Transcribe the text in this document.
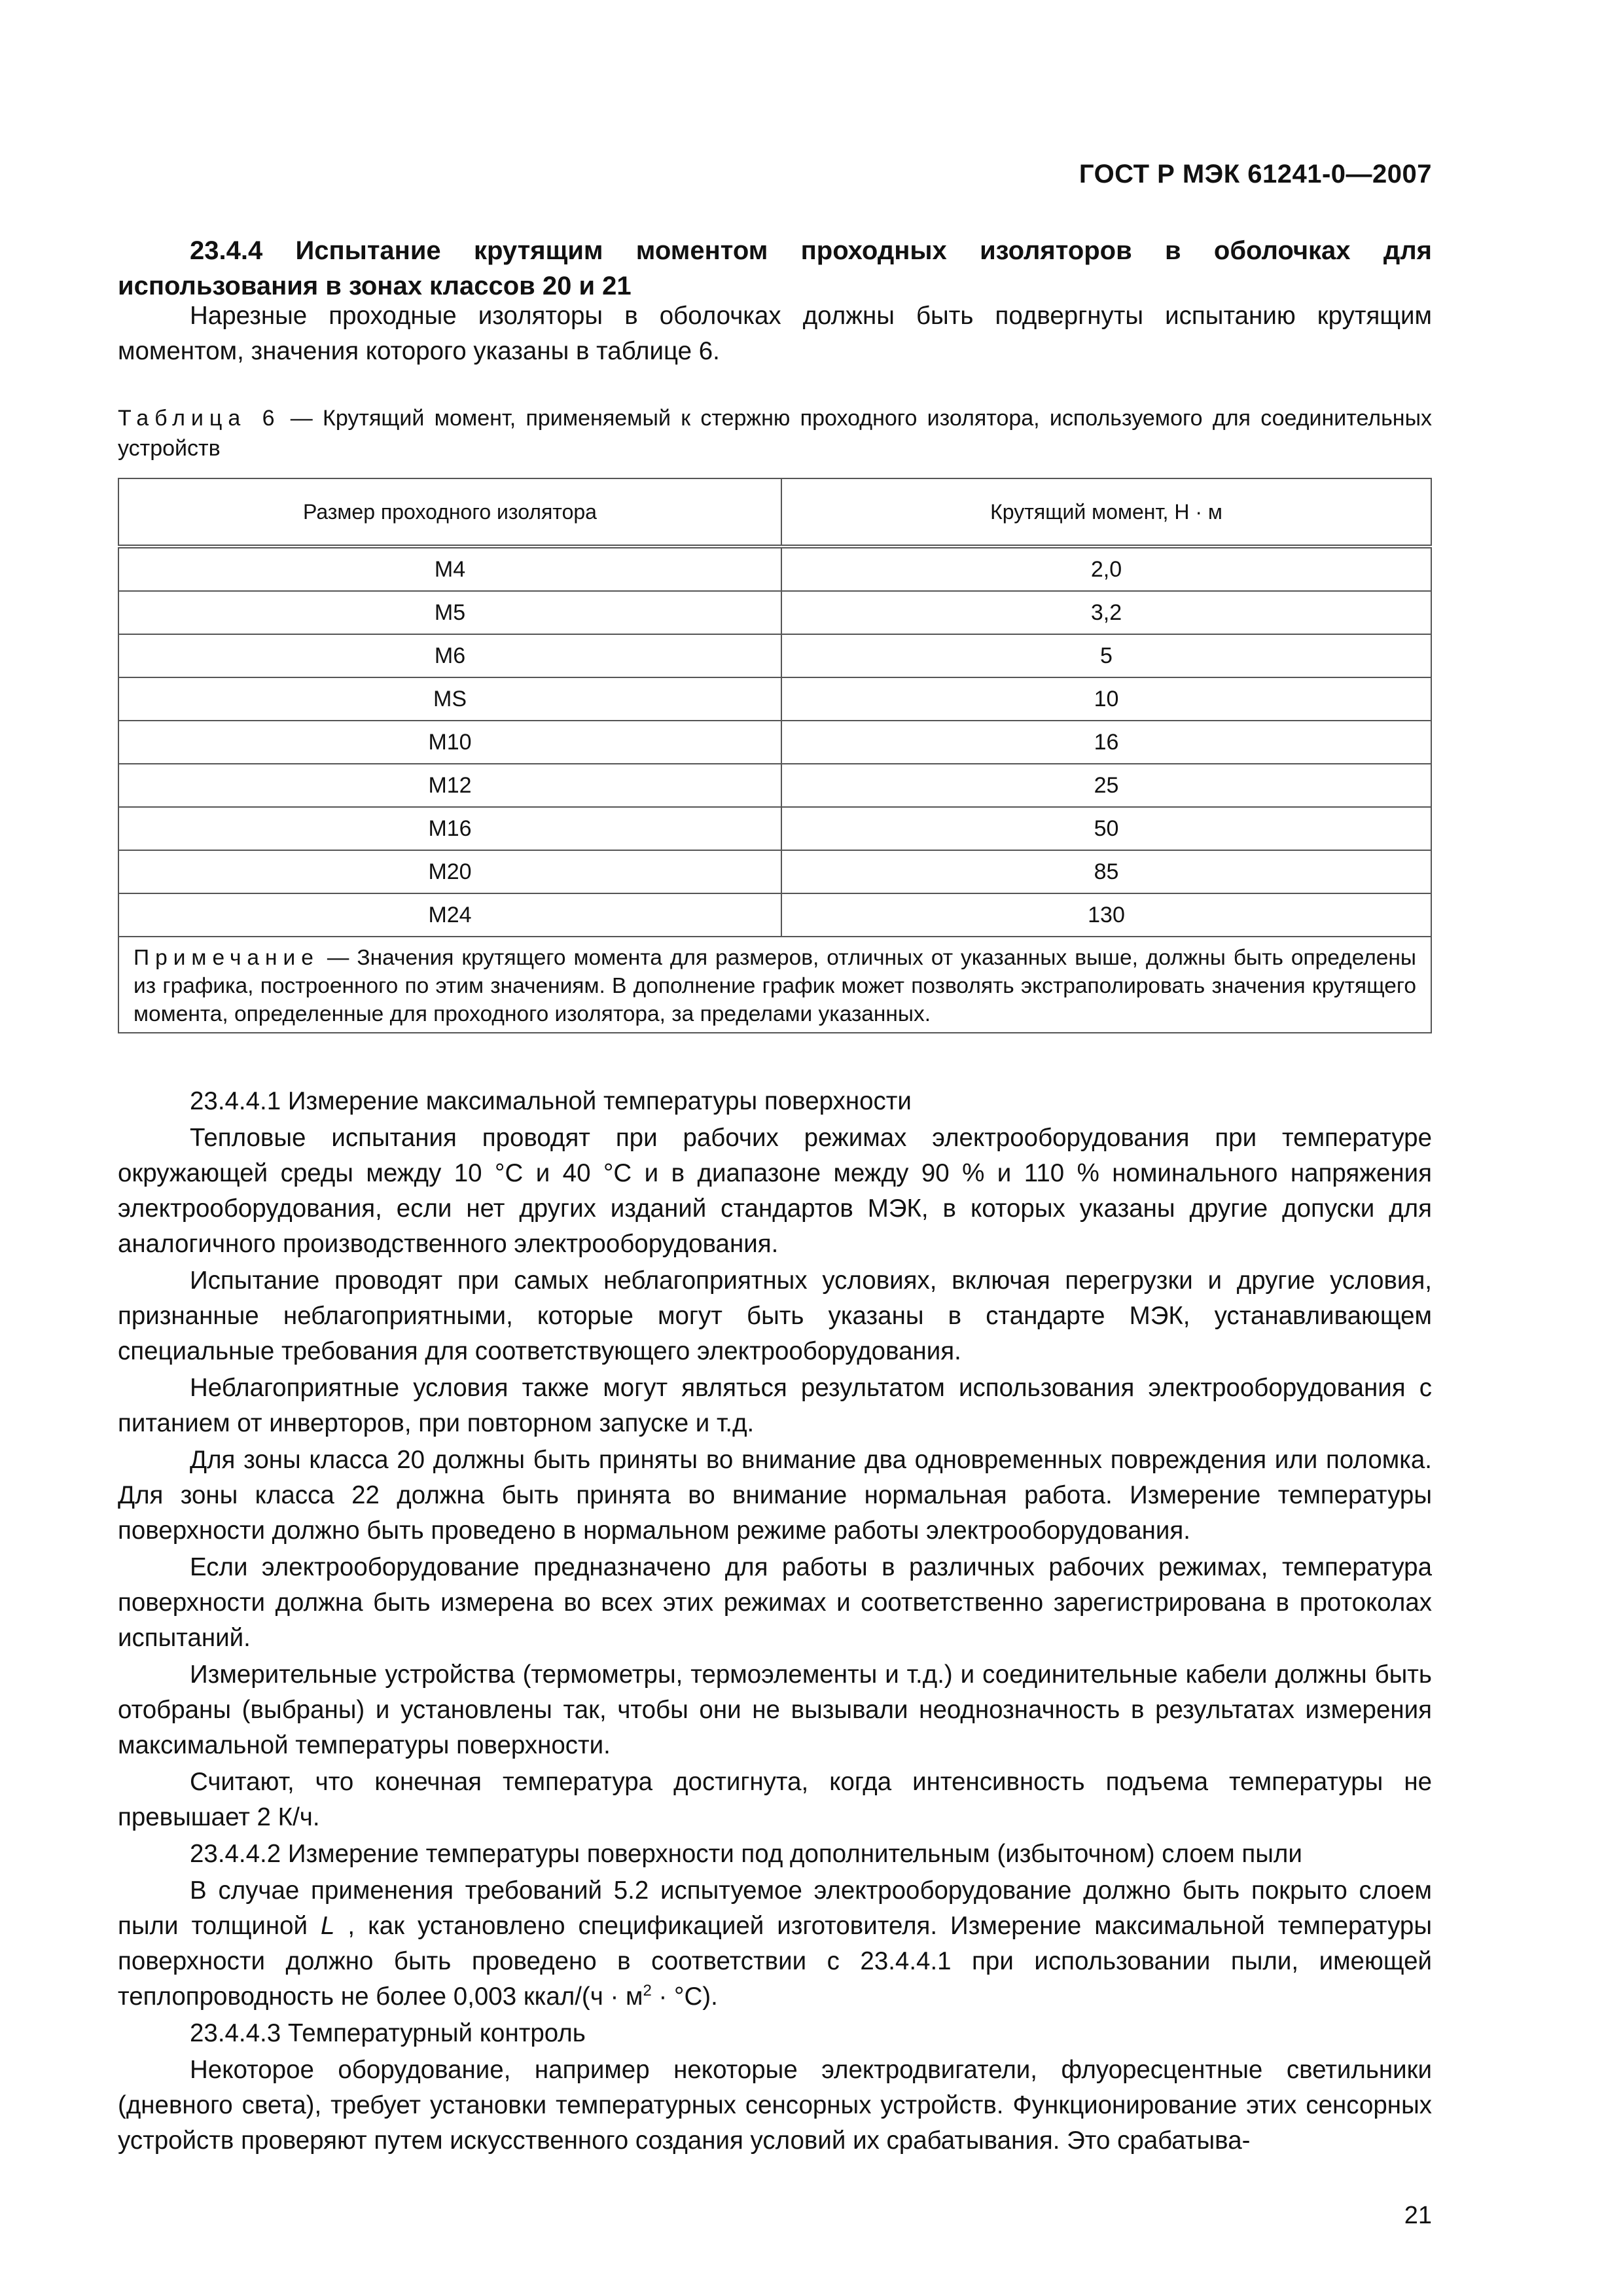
ГОСТ Р МЭК 61241-0—2007
23.4.4 Испытание крутящим моментом проходных изоляторов в оболочках для использования в зонах классов 20 и 21

Нарезные проходные изоляторы в оболочках должны быть подвергнуты испытанию крутящим моментом, значения которого указаны в таблице 6.

Таблица 6 — Крутящий момент, применяемый к стержню проходного изолятора, используемого для соединительных устройств
Размер проходного изолятора	Крутящий момент, Н · м
M4	2,0
M5	3,2
M6	5
MS	10
M10	16
M12	25
M16	50
M20	85
M24	130
Примечание — Значения крутящего момента для размеров, отличных от указанных выше, должны быть определены из графика, построенного по этим значениям. В дополнение график может позволять экстраполировать значения крутящего момента, определенные для проходного изолятора, за пределами указанных.	

23.4.4.1 Измерение максимальной температуры поверхности

Тепловые испытания проводят при рабочих режимах электрооборудования при температуре окружающей среды между 10 °С и 40 °С и в диапазоне между 90 % и 110 % номинального напряжения электрооборудования, если нет других изданий стандартов МЭК, в которых указаны другие допуски для аналогичного производственного электрооборудования.

Испытание проводят при самых неблагоприятных условиях, включая перегрузки и другие условия, признанные неблагоприятными, которые могут быть указаны в стандарте МЭК, устанавливающем специальные требования для соответствующего электрооборудования.

Неблагоприятные условия также могут являться результатом использования электрооборудования с питанием от инверторов, при повторном запуске и т.д.

Для зоны класса 20 должны быть приняты во внимание два одновременных повреждения или поломка. Для зоны класса 22 должна быть принята во внимание нормальная работа. Измерение температуры поверхности должно быть проведено в нормальном режиме работы электрооборудования.

Если электрооборудование предназначено для работы в различных рабочих режимах, температура поверхности должна быть измерена во всех этих режимах и соответственно зарегистрирована в протоколах испытаний.

Измерительные устройства (термометры, термоэлементы и т.д.) и соединительные кабели должны быть отобраны (выбраны) и установлены так, чтобы они не вызывали неоднозначность в результатах измерения максимальной температуры поверхности.

Считают, что конечная температура достигнута, когда интенсивность подъема температуры не превышает 2 К/ч.

23.4.4.2 Измерение температуры поверхности под дополнительным (избыточном) слоем пыли

В случае применения требований 5.2 испытуемое электрооборудование должно быть покрыто слоем пыли толщиной L , как установлено спецификацией изготовителя. Измерение максимальной температуры поверхности должно быть проведено в соответствии с 23.4.4.1 при использовании пыли, имеющей теплопроводность не более 0,003 ккал/(ч · $м^2 \cdot ^\circ С$).

23.4.4.3 Температурный контроль

Некоторое оборудование, например некоторые электродвигатели, флуоресцентные светильники (дневного света), требует установки температурных сенсорных устройств. Функционирование этих сенсорных устройств проверяют путем искусственного создания условий их срабатывания. Это срабатыва-

21
